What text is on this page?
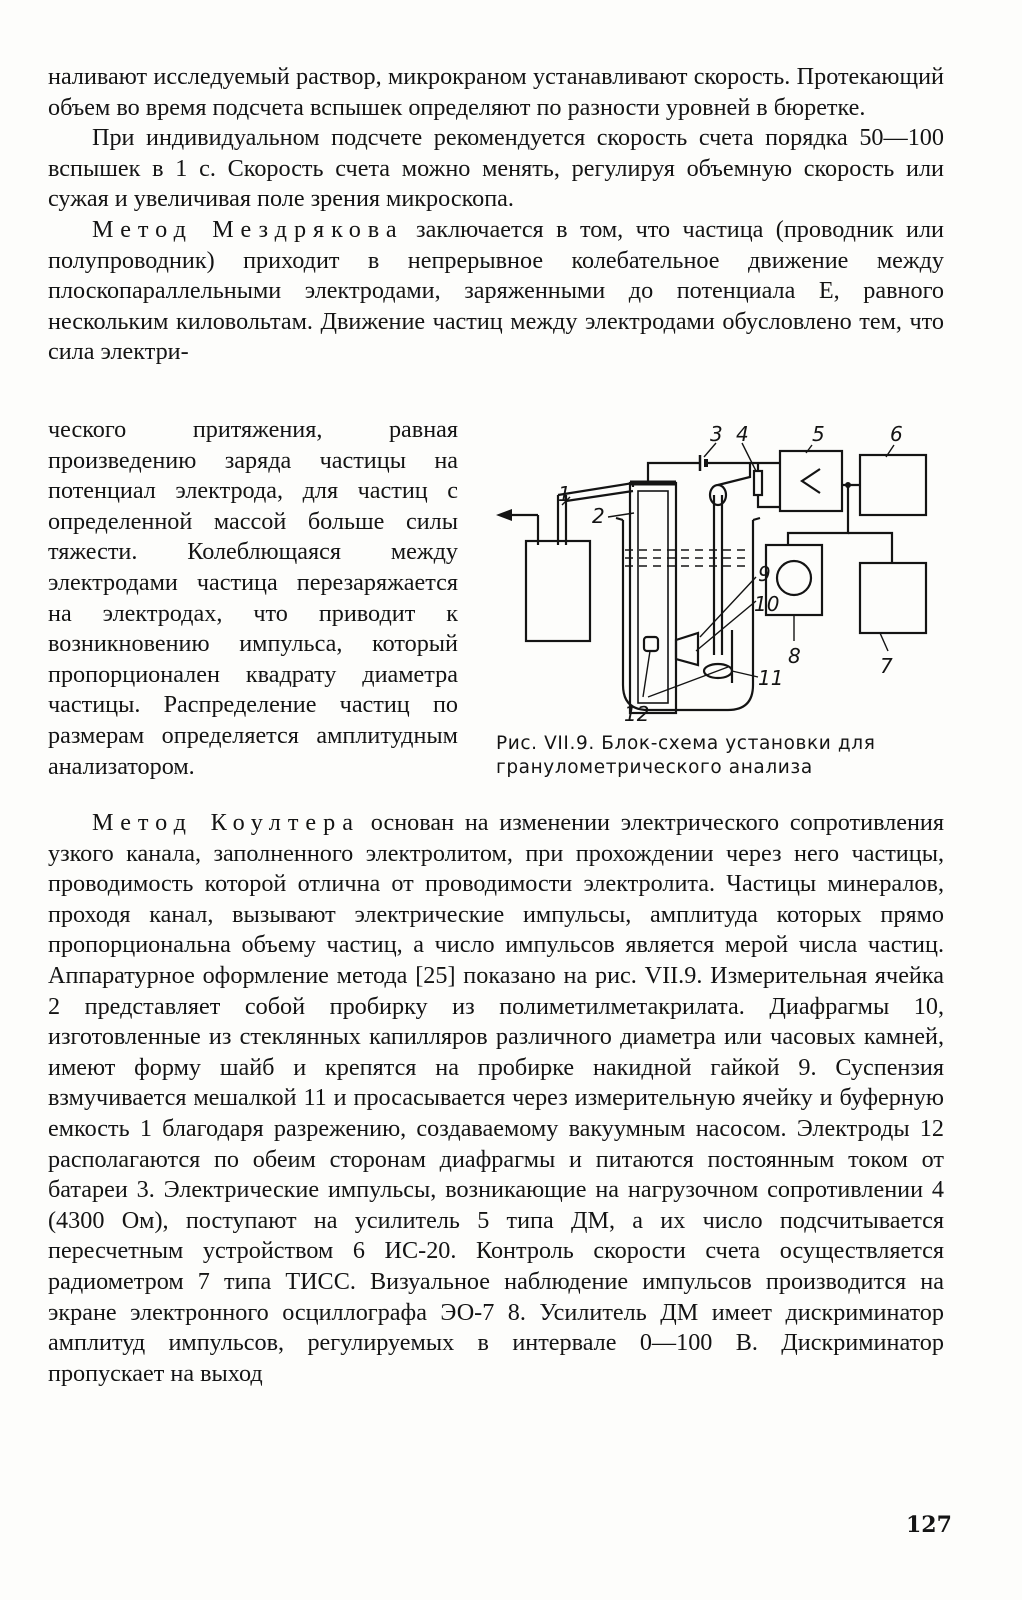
наливают исследуемый раствор, микрокраном устанавливают скорость. Протекающий объем во время подсчета вспышек определяют по разности уровней в бюретке.

При индивидуальном подсчете рекомендуется скорость счета порядка 50—100 вспышек в 1 с. Скорость счета можно менять, регулируя объемную скорость или сужая и увеличивая поле зрения микроскопа.

Метод Мездрякова заключается в том, что частица (проводник или полупроводник) приходит в непрерывное колебательное движение между плоскопараллельными электродами, заряженными до потенциала E, равного нескольким киловольтам. Движение частиц между электродами обусловлено тем, что сила электри-

ческого притяжения, равная произведению заряда частицы на потенциал электрода, для частиц с определенной массой больше силы тяжести. Колеблющаяся между электродами частица перезаряжается на электродах, что приводит к возникновению импульса, который пропорционален квадрату диаметра частицы. Распределение частиц по размерам определяется амплитудным анализатором.

1
2
3 4	5	6
7
8
9
10
11
12
Рис. VII.9. Блок-схема установки для гранулометрического анализа

Метод Коултера основан на изменении электрического сопротивления узкого канала, заполненного электролитом, при прохождении через него частицы, проводимость которой отлична от проводимости электролита. Частицы минералов, проходя канал, вызывают электрические импульсы, амплитуда которых прямо пропорциональна объему частиц, а число импульсов является мерой числа частиц. Аппаратурное оформление метода [25] показано на рис. VII.9. Измерительная ячейка 2 представляет собой пробирку из полиметилметакрилата. Диафрагмы 10, изготовленные из стеклянных капилляров различного диаметра или часовых камней, имеют форму шайб и крепятся на пробирке накидной гайкой 9. Суспензия взмучивается мешалкой 11 и просасывается через измерительную ячейку и буферную емкость 1 благодаря разрежению, создаваемому вакуумным насосом. Электроды 12 располагаются по обеим сторонам диафрагмы и питаются постоянным током от батареи 3. Электрические импульсы, возникающие на нагрузочном сопротивлении 4 (4300 Ом), поступают на усилитель 5 типа ДМ, а их число подсчитывается пересчетным устройством 6 ИС-20. Контроль скорости счета осуществляется радиометром 7 типа ТИСС. Визуальное наблюдение импульсов производится на экране электронного осциллографа ЭО-7 8. Усилитель ДМ имеет дискриминатор амплитуд импульсов, регулируемых в интервале 0—100 В. Дискриминатор пропускает на выход

127
